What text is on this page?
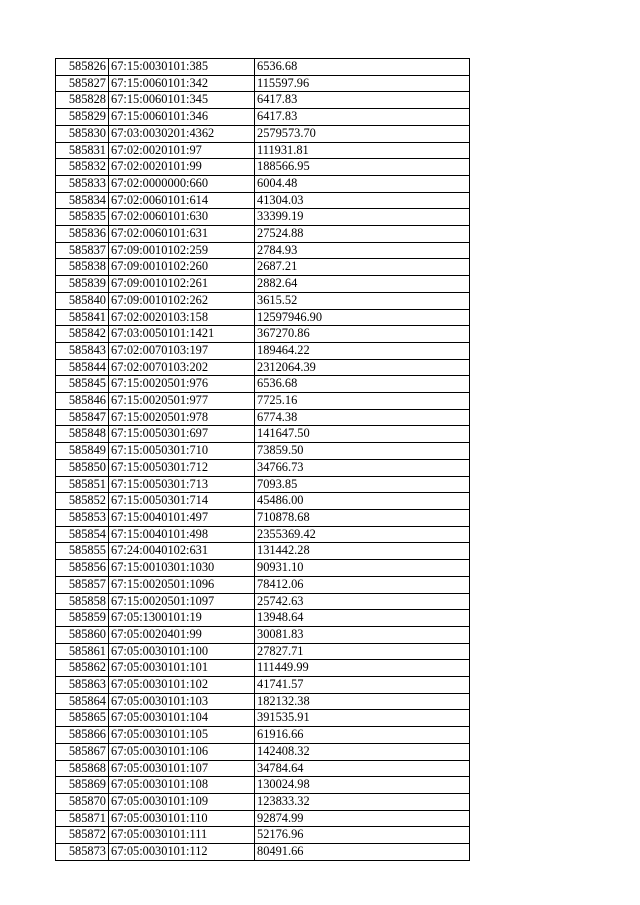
585826	67:15:0030101:385	6536.68
585827	67:15:0060101:342	115597.96
585828	67:15:0060101:345	6417.83
585829	67:15:0060101:346	6417.83
585830	67:03:0030201:4362	2579573.70
585831	67:02:0020101:97	111931.81
585832	67:02:0020101:99	188566.95
585833	67:02:0000000:660	6004.48
585834	67:02:0060101:614	41304.03
585835	67:02:0060101:630	33399.19
585836	67:02:0060101:631	27524.88
585837	67:09:0010102:259	2784.93
585838	67:09:0010102:260	2687.21
585839	67:09:0010102:261	2882.64
585840	67:09:0010102:262	3615.52
585841	67:02:0020103:158	12597946.90
585842	67:03:0050101:1421	367270.86
585843	67:02:0070103:197	189464.22
585844	67:02:0070103:202	2312064.39
585845	67:15:0020501:976	6536.68
585846	67:15:0020501:977	7725.16
585847	67:15:0020501:978	6774.38
585848	67:15:0050301:697	141647.50
585849	67:15:0050301:710	73859.50
585850	67:15:0050301:712	34766.73
585851	67:15:0050301:713	7093.85
585852	67:15:0050301:714	45486.00
585853	67:15:0040101:497	710878.68
585854	67:15:0040101:498	2355369.42
585855	67:24:0040102:631	131442.28
585856	67:15:0010301:1030	90931.10
585857	67:15:0020501:1096	78412.06
585858	67:15:0020501:1097	25742.63
585859	67:05:1300101:19	13948.64
585860	67:05:0020401:99	30081.83
585861	67:05:0030101:100	27827.71
585862	67:05:0030101:101	111449.99
585863	67:05:0030101:102	41741.57
585864	67:05:0030101:103	182132.38
585865	67:05:0030101:104	391535.91
585866	67:05:0030101:105	61916.66
585867	67:05:0030101:106	142408.32
585868	67:05:0030101:107	34784.64
585869	67:05:0030101:108	130024.98
585870	67:05:0030101:109	123833.32
585871	67:05:0030101:110	92874.99
585872	67:05:0030101:111	52176.96
585873	67:05:0030101:112	80491.66
